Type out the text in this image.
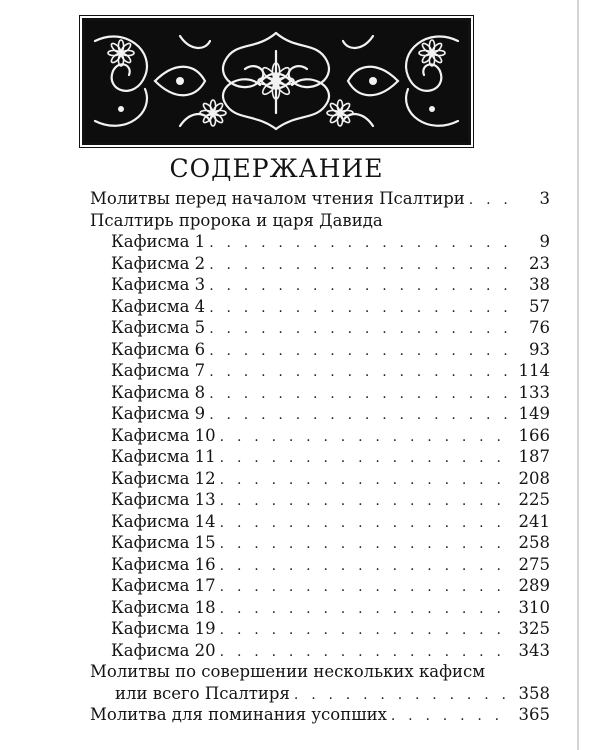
СОДЕРЖАНИЕ
Молитвы перед началом чтения Псалтири . . .	3
Псалтирь пророка и царя Давида
Кафисма 1 . . .	9
Кафисма 2 . . .	23
Кафисма 3 . . .	38
Кафисма 4 . . .	57
Кафисма 5 . . .	76
Кафисма 6 . . .	93
Кафисма 7 . . .	114
Кафисма 8 . . .	133
Кафисма 9 . . .	149
Кафисма 10 . . .	166
Кафисма 11 . . .	187
Кафисма 12 . . .	208
Кафисма 13 . . .	225
Кафисма 14 . . .	241
Кафисма 15 . . .	258
Кафисма 16 . . .	275
Кафисма 17 . . .	289
Кафисма 18 . . .	310
Кафисма 19 . . .	325
Кафисма 20 . . .	343
Молитвы по совершении нескольких кафисм
или всего Псалтиря . . .	358
Молитва для поминания усопших . . .	365
